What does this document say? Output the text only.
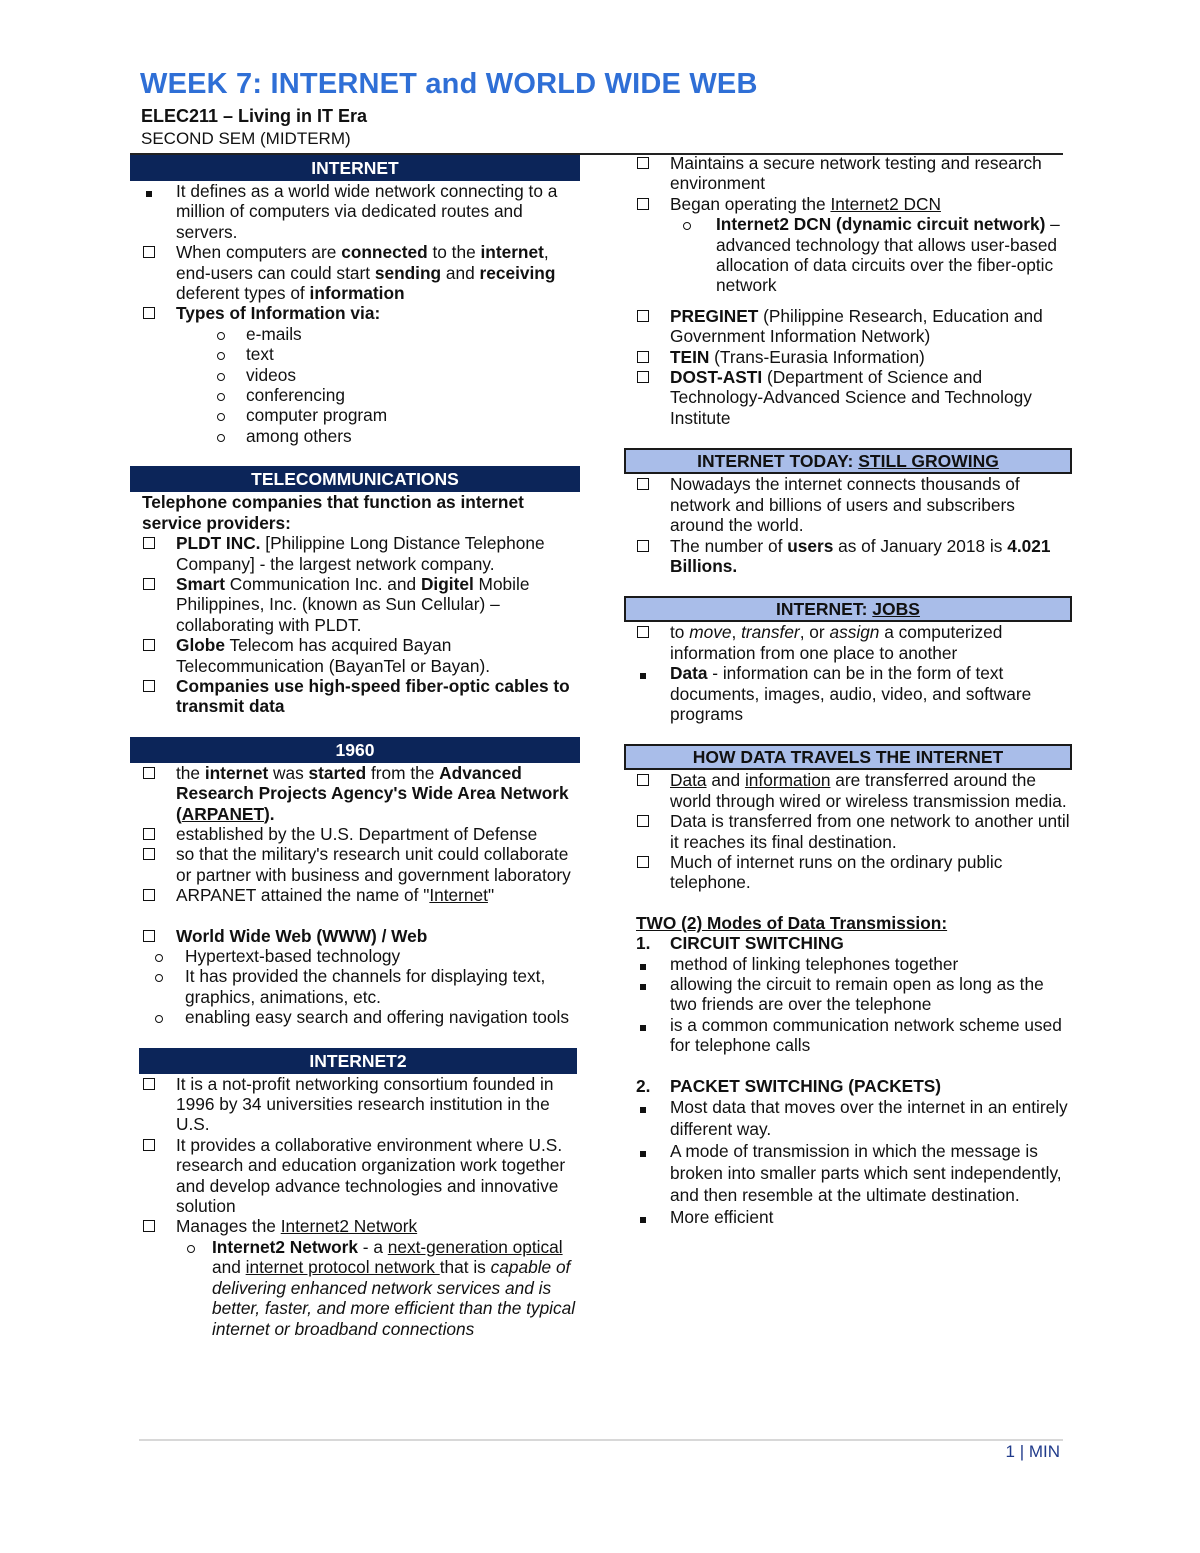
WEEK 7: INTERNET and WORLD WIDE WEB

ELEC211 – Living in IT Era

SECOND SEM (MIDTERM)

INTERNET
It defines as a world wide network connecting to a million of computers via dedicated routes and servers.
When computers are connected to the internet, end-users can could start sending and receiving deferent types of information
Types of Information via:
e-mails
text
videos
conferencing
computer program
among others
TELECOMMUNICATIONS
Telephone companies that function as internet service providers:
PLDT INC. [Philippine Long Distance Telephone Company] - the largest network company.
Smart Communication Inc. and Digitel Mobile Philippines, Inc. (known as Sun Cellular) – collaborating with PLDT.
Globe Telecom has acquired Bayan Telecommunication (BayanTel or Bayan).
Companies use high-speed fiber-optic cables to transmit data
1960
the internet was started from the Advanced Research Projects Agency's Wide Area Network (ARPANET).
established by the U.S. Department of Defense
so that the military's research unit could collaborate or partner with business and government laboratory
ARPANET attained the name of "Internet"
World Wide Web (WWW) / Web
Hypertext-based technology
It has provided the channels for displaying text, graphics, animations, etc.
enabling easy search and offering navigation tools
INTERNET2
It is a not-profit networking consortium founded in 1996 by 34 universities research institution in the U.S.
It provides a collaborative environment where U.S. research and education organization work together and develop advance technologies and innovative solution
Manages the Internet2 Network
Internet2 Network - a next-generation optical and internet protocol network that is capable of delivering enhanced network services and is better, faster, and more efficient than the typical internet or broadband connections
Maintains a secure network testing and research environment
Began operating the Internet2 DCN
Internet2 DCN (dynamic circuit network) – advanced technology that allows user-based allocation of data circuits over the fiber-optic network
PREGINET (Philippine Research, Education and Government Information Network)
TEIN (Trans-Eurasia Information)
DOST-ASTI (Department of Science and Technology-Advanced Science and Technology Institute
INTERNET TODAY: STILL GROWING
Nowadays the internet connects thousands of network and billions of users and subscribers around the world.
The number of users as of January 2018 is 4.021 Billions.
INTERNET: JOBS
to move, transfer, or assign a computerized information from one place to another
Data - information can be in the form of text documents, images, audio, video, and software programs
HOW DATA TRAVELS THE INTERNET
Data and information are transferred around the world through wired or wireless transmission media.
Data is transferred from one network to another until it reaches its final destination.
Much of internet runs on the ordinary public telephone.
TWO (2) Modes of Data Transmission:
1. CIRCUIT SWITCHING
method of linking telephones together
allowing the circuit to remain open as long as the two friends are over the telephone
is a common communication network scheme used for telephone calls
2. PACKET SWITCHING (PACKETS)
Most data that moves over the internet in an entirely different way.
A mode of transmission in which the message is broken into smaller parts which sent independently, and then resemble at the ultimate destination.
More efficient
1 | MIN
